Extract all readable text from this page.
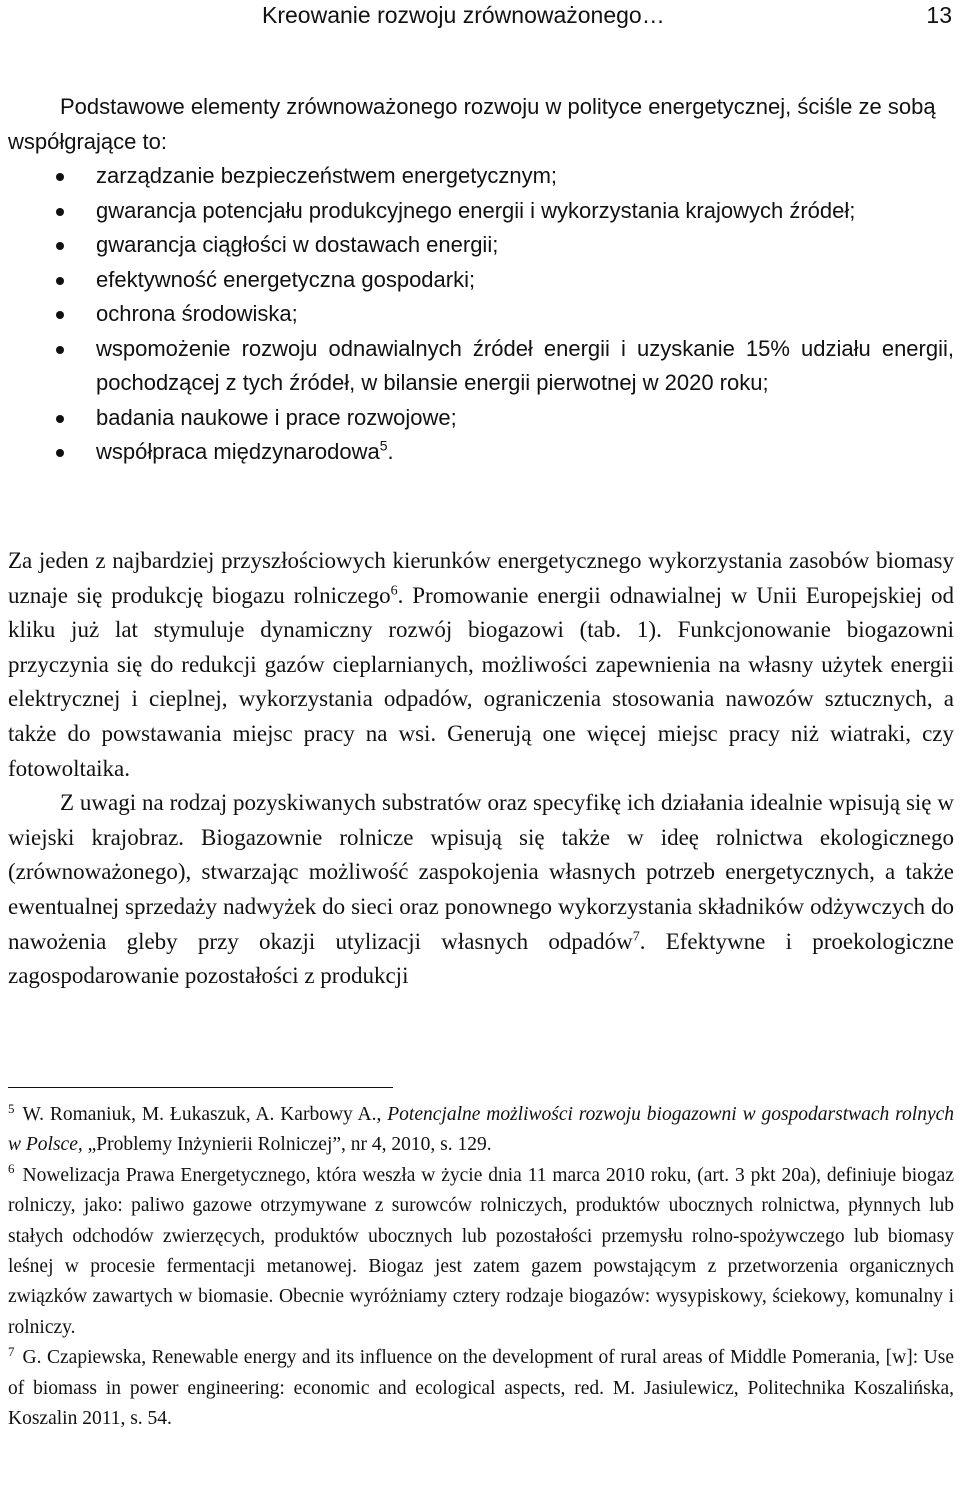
Kreowanie rozwoju zrównoważonego…	13

Podstawowe elementy zrównoważonego rozwoju w polityce energetycznej, ściśle ze sobą współgrające to:

zarządzanie bezpieczeństwem energetycznym;
gwarancja potencjału produkcyjnego energii i wykorzystania krajowych źródeł;
gwarancja ciągłości w dostawach energii;
efektywność energetyczna gospodarki;
ochrona środowiska;
wspomożenie rozwoju odnawialnych źródeł energii i uzyskanie 15% udziału energii, pochodzącej z tych źródeł, w bilansie energii pierwotnej w 2020 roku;
badania naukowe i prace rozwojowe;
współpraca międzynarodowa$^5$.

Za jeden z najbardziej przyszłościowych kierunków energetycznego wykorzystania zasobów biomasy uznaje się produkcję biogazu rolniczego$^6$. Promowanie energii odnawialnej w Unii Europejskiej od kliku już lat stymuluje dynamiczny rozwój biogazowi (tab. 1). Funkcjonowanie biogazowni przyczynia się do redukcji gazów cieplarnianych, możliwości zapewnienia na własny użytek energii elektrycznej i cieplnej, wykorzystania odpadów, ograniczenia stosowania nawozów sztucznych, a także do powstawania miejsc pracy na wsi. Generują one więcej miejsc pracy niż wiatraki, czy fotowoltaika.

Z uwagi na rodzaj pozyskiwanych substratów oraz specyfikę ich działania idealnie wpisują się w wiejski krajobraz. Biogazownie rolnicze wpisują się także w ideę rolnictwa ekologicznego (zrównoważonego), stwarzając możliwość zaspokojenia własnych potrzeb energetycznych, a także ewentualnej sprzedaży nadwyżek do sieci oraz ponownego wykorzystania składników odżywczych do nawożenia gleby przy okazji utylizacji własnych odpadów$^7$. Efektywne i proekologiczne zagospodarowanie pozostałości z produkcji

$^5$ W. Romaniuk, M. Łukaszuk, A. Karbowy A., Potencjalne możliwości rozwoju biogazowni w gospodarstwach rolnych w Polsce, „Problemy Inżynierii Rolniczej”, nr 4, 2010, s. 129.

$^6$ Nowelizacja Prawa Energetycznego, która weszła w życie dnia 11 marca 2010 roku, (art. 3 pkt 20a), definiuje biogaz rolniczy, jako: paliwo gazowe otrzymywane z surowców rolniczych, produktów ubocznych rolnictwa, płynnych lub stałych odchodów zwierzęcych, produktów ubocznych lub pozostałości przemysłu rolno-spożywczego lub biomasy leśnej w procesie fermentacji metanowej. Biogaz jest zatem gazem powstającym z przetworzenia organicznych związków zawartych w biomasie. Obecnie wyróżniamy cztery rodzaje biogazów: wysypiskowy, ściekowy, komunalny i rolniczy.

$^7$ G. Czapiewska, Renewable energy and its influence on the development of rural areas of Middle Pomerania, [w]: Use of biomass in power engineering: economic and ecological aspects, red. M. Jasiulewicz, Politechnika Koszalińska, Koszalin 2011, s. 54.
